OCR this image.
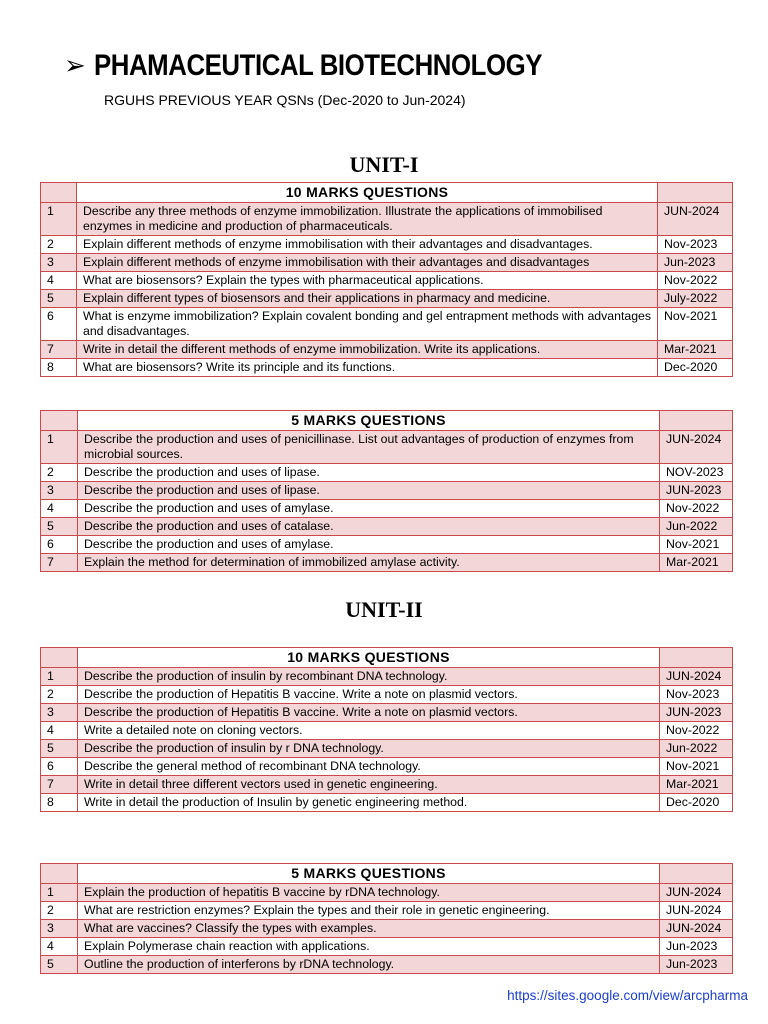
➢ PHAMACEUTICAL BIOTECHNOLOGY
RGUHS PREVIOUS YEAR QSNs (Dec-2020 to Jun-2024)
UNIT-I
	10 MARKS QUESTIONS	
1	Describe any three methods of enzyme immobilization. Illustrate the applications of immobilised enzymes in medicine and production of pharmaceuticals.	JUN-2024
2	Explain different methods of enzyme immobilisation with their advantages and disadvantages.	Nov-2023
3	Explain different methods of enzyme immobilisation with their advantages and disadvantages	Jun-2023
4	What are biosensors? Explain the types with pharmaceutical applications.	Nov-2022
5	Explain different types of biosensors and their applications in pharmacy and medicine.	July-2022
6	What is enzyme immobilization? Explain covalent bonding and gel entrapment methods with advantages and disadvantages.	Nov-2021
7	Write in detail the different methods of enzyme immobilization. Write its applications.	Mar-2021
8	What are biosensors? Write its principle and its functions.	Dec-2020
	5 MARKS QUESTIONS	
1	Describe the production and uses of penicillinase. List out advantages of production of enzymes from microbial sources.	JUN-2024
2	Describe the production and uses of lipase.	NOV-2023
3	Describe the production and uses of lipase.	JUN-2023
4	Describe the production and uses of amylase.	Nov-2022
5	Describe the production and uses of catalase.	Jun-2022
6	Describe the production and uses of amylase.	Nov-2021
7	Explain the method for determination of immobilized amylase activity.	Mar-2021
UNIT-II
	10 MARKS QUESTIONS	
1	Describe the production of insulin by recombinant DNA technology.	JUN-2024
2	Describe the production of Hepatitis B vaccine. Write a note on plasmid vectors.	Nov-2023
3	Describe the production of Hepatitis B vaccine. Write a note on plasmid vectors.	JUN-2023
4	Write a detailed note on cloning vectors.	Nov-2022
5	Describe the production of insulin by r DNA technology.	Jun-2022
6	Describe the general method of recombinant DNA technology.	Nov-2021
7	Write in detail three different vectors used in genetic engineering.	Mar-2021
8	Write in detail the production of Insulin by genetic engineering method.	Dec-2020
	5 MARKS QUESTIONS	
1	Explain the production of hepatitis B vaccine by rDNA technology.	JUN-2024
2	What are restriction enzymes? Explain the types and their role in genetic engineering.	JUN-2024
3	What are vaccines? Classify the types with examples.	JUN-2024
4	Explain Polymerase chain reaction with applications.	Jun-2023
5	Outline the production of interferons by rDNA technology.	Jun-2023
https://sites.google.com/view/arcpharma
